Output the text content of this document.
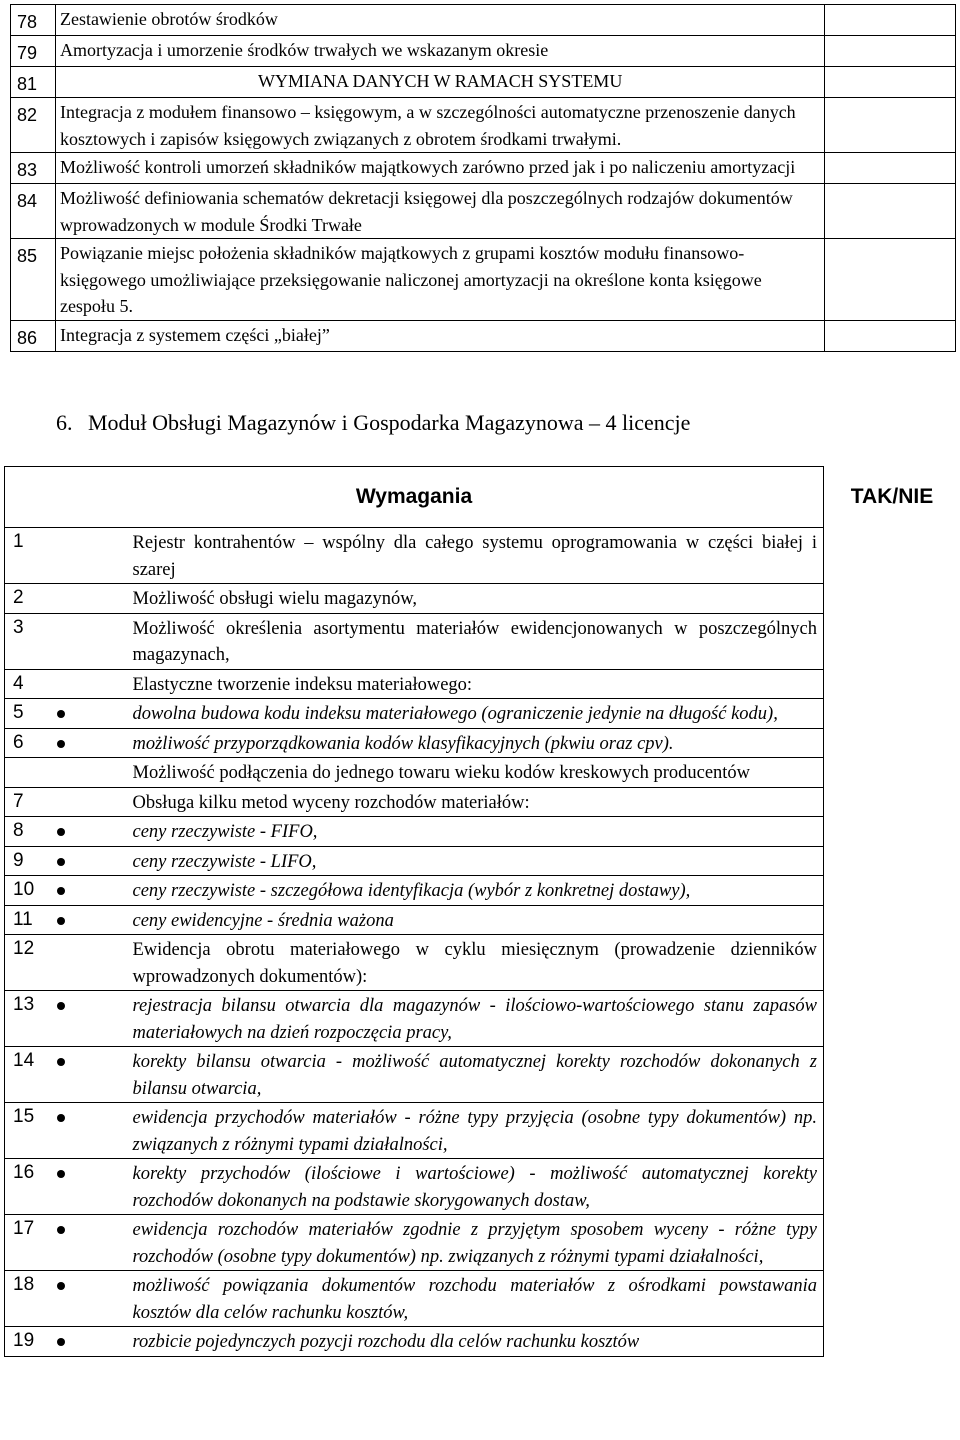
78	Zestawienie obrotów środków	
79	Amortyzacja i umorzenie środków trwałych we wskazanym okresie	
81	WYMIANA DANYCH W RAMACH SYSTEMU	
82	Integracja z modułem finansowo – księgowym, a w szczególności automatyczne przenoszenie danych kosztowych i zapisów księgowych związanych z obrotem środkami trwałymi.	
83	Możliwość kontroli umorzeń składników majątkowych zarówno przed jak i po naliczeniu amortyzacji	
84	Możliwość definiowania schematów dekretacji księgowej dla poszczególnych rodzajów dokumentów wprowadzonych w module Środki Trwałe	
85	Powiązanie miejsc położenia składników majątkowych z grupami kosztów modułu finansowo-księgowego umożliwiające przeksięgowanie naliczonej amortyzacji na określone konta księgowe zespołu 5.	
86	Integracja z systemem części „białej”	
6. Moduł Obsługi Magazynów i Gospodarka Magazynowa – 4 licencje
Wymagania		TAK/NIE
1	Rejestr kontrahentów – wspólny dla całego systemu oprogramowania w części białej i szarej	
2	Możliwość obsługi wielu magazynów,	
3	Możliwość określenia asortymentu materiałów ewidencjonowanych w poszczególnych magazynach,	
4	Elastyczne tworzenie indeksu materiałowego:	
5	dowolna budowa kodu indeksu materiałowego (ograniczenie jedynie na długość kodu),	

6	możliwość przyporządkowania kodów klasyfikacyjnych (pkwiu oraz cpv).	

	Możliwość podłączenia do jednego towaru wieku kodów kreskowych producentów	
7	Obsługa kilku metod wyceny rozchodów materiałów:	
8	ceny rzeczywiste - FIFO,	

9	ceny rzeczywiste - LIFO,	

10	ceny rzeczywiste - szczegółowa identyfikacja (wybór z konkretnej dostawy),	

11	ceny ewidencyjne - średnia ważona	

12	Ewidencja obrotu materiałowego w cyklu miesięcznym (prowadzenie dzienników wprowadzonych dokumentów):	
13	rejestracja bilansu otwarcia dla magazynów - ilościowo-wartościowego stanu zapasów materiałowych na dzień rozpoczęcia pracy,	

14	korekty bilansu otwarcia - możliwość automatycznej korekty rozchodów dokonanych z bilansu otwarcia,	

15	ewidencja przychodów materiałów - różne typy przyjęcia (osobne typy dokumentów) np. związanych z różnymi typami działalności,	

16	korekty przychodów (ilościowe i wartościowe) - możliwość automatycznej korekty rozchodów dokonanych na podstawie skorygowanych dostaw,	

17	ewidencja rozchodów materiałów zgodnie z przyjętym sposobem wyceny - różne typy rozchodów (osobne typy dokumentów) np. związanych z różnymi typami działalności,	

18	możliwość powiązania dokumentów rozchodu materiałów z ośrodkami powstawania kosztów dla celów rachunku kosztów,	

19	rozbicie pojedynczych pozycji rozchodu dla celów rachunku kosztów	
